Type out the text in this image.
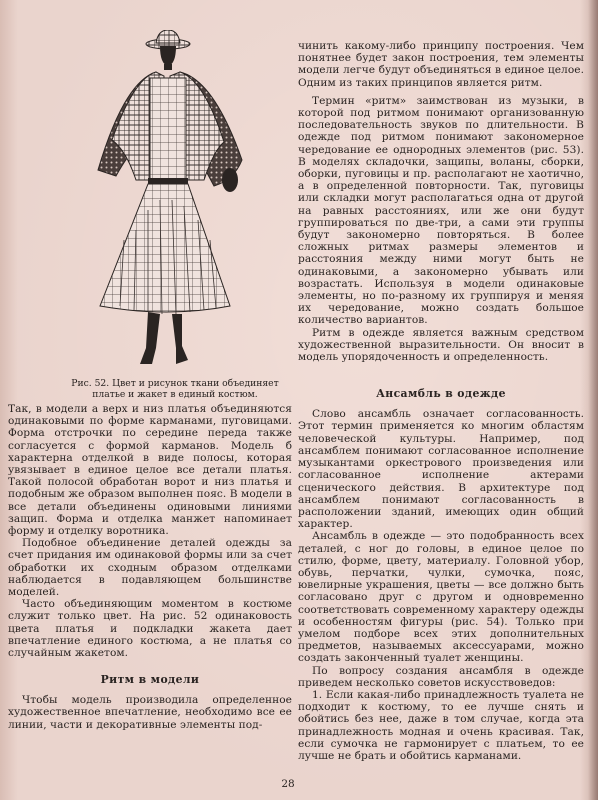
Рис. 52. Цвет и рисунок ткани объединяет платье и жакет в единый костюм.

Так, в модели а верх и низ платья объединяются одинаковыми по форме карманами, пуговицами. Форма отстрочки по середине переда также согласуется с формой карманов. Модель б характерна отделкой в виде полосы, которая увязывает в единое целое все детали платья. Такой полосой обработан ворот и низ платья и подобным же образом выполнен пояс. В модели в все детали объединены одиновыми линиями защип. Форма и отделка манжет напоминает форму и отделку воротника.

Подобное объединение деталей одежды за счет придания им одинаковой формы или за счет обработки их сходным образом отделками наблюдается в подавляющем большинстве моделей.

Часто объединяющим моментом в костюме служит только цвет. На рис. 52 одинаковость цвета платья и подкладки жакета дает впечатление единого костюма, а не платья со случайным жакетом.

Ритм в модели

Чтобы модель производила определенное художественное впечатление, необходимо все ее линии, части и декоративные элементы под-

чинить какому-либо принципу построения. Чем понятнее будет закон построения, тем элементы модели легче будут объединяться в единое целое. Одним из таких принципов является ритм.

Термин «ритм» заимствован из музыки, в которой под ритмом понимают организованную последовательность звуков по длительности. В одежде под ритмом понимают закономерное чередование ее однородных элементов (рис. 53). В моделях складочки, защипы, воланы, сборки, оборки, пуговицы и пр. располагают не хаотично, а в определенной повторности. Так, пуговицы или складки могут располагаться одна от другой на равных расстояниях, или же они будут группироваться по две-три, а сами эти группы будут закономерно повторяться. В более сложных ритмах размеры элементов и расстояния между ними могут быть не одинаковыми, а закономерно убывать или возрастать. Используя в модели одинаковые элементы, но по-разному их группируя и меняя их чередование, можно создать большое количество вариантов.

Ритм в одежде является важным средством художественной выразительности. Он вносит в модель упорядоченность и определенность.

Ансамбль в одежде

Слово ансамбль означает согласованность. Этот термин применяется ко многим областям человеческой культуры. Например, под ансамблем понимают согласованное исполнение музыкантами оркестрового произведения или согласованное исполнение актерами сценического действия. В архитектуре под ансамблем понимают согласованность в расположении зданий, имеющих один общий характер.

Ансамбль в одежде — это подобранность всех деталей, с ног до головы, в единое целое по стилю, форме, цвету, материалу. Головной убор, обувь, перчатки, чулки, сумочка, пояс, ювелирные украшения, цветы — все должно быть согласовано друг с другом и одновременно соответствовать современному характеру одежды и особенностям фигуры (рис. 54). Только при умелом подборе всех этих дополнительных предметов, называемых аксессуарами, можно создать законченный туалет женщины.

По вопросу создания ансамбля в одежде приведем несколько советов искусствоведов:

1. Если какая-либо принадлежность туалета не подходит к костюму, то ее лучше снять и обойтись без нее, даже в том случае, когда эта принадлежность модная и очень красивая. Так, если сумочка не гармонирует с платьем, то ее лучше не брать и обойтись карманами.

28
